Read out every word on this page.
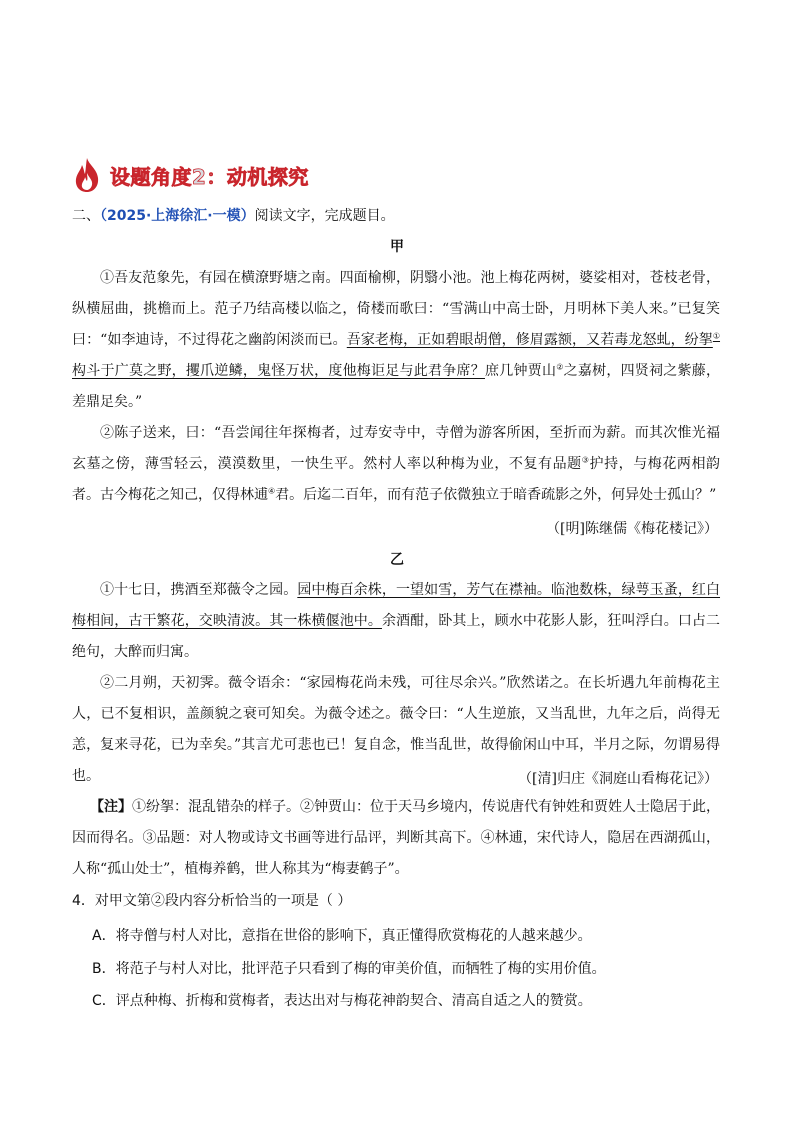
设题角度2：动机探究
二、（2025·上海徐汇·一模）阅读文字，完成题目。
甲
①吾友范象先，有园在横潦野塘之南。四面榆柳，阴翳小池。池上梅花两树，婆娑相对，苍枝老骨，纵横屈曲，挑檐而上。范子乃结高楼以临之，倚楼而歌曰：“雪满山中高士卧，月明林下美人来。”已复笑曰：“如李迪诗，不过得花之幽韵闲淡而已。吾家老梅，正如碧眼胡僧，修眉露额，又若毒龙怒虬，纷挐①构斗于广莫之野，攫爪逆鳞，鬼怪万状，度他梅讵足与此君争席？庶几钟贾山②之嘉树，四贤祠之紫藤，差鼎足矣。”
②陈子送来，曰：“吾尝闻往年探梅者，过寿安寺中，寺僧为游客所困，至折而为薪。而其次惟光福玄墓之傍，薄雪轻云，漠漠数里，一快生平。然村人率以种梅为业，不复有品题③护持，与梅花两相韵者。古今梅花之知己，仅得林逋④君。后迄二百年，而有范子依微独立于暗香疏影之外，何异处士孤山？”
（[明]陈继儒《梅花楼记》）
乙
①十七日，携酒至郑薇令之园。园中梅百余株，一望如雪，芳气在襟袖。临池数株，绿萼玉蚤，红白梅相间，古干繁花，交映清波。其一株横偃池中。余酒酣，卧其上，顾水中花影人影，狂叫浮白。口占二绝句，大醉而归寓。
②二月朔，天初霁。薇令语余：“家园梅花尚未残，可往尽余兴。”欣然诺之。在长圻遇九年前梅花主人，已不复相识，盖颜貌之衰可知矣。为薇令述之。薇令曰：“人生逆旅，又当乱世，九年之后，尚得无恙，复来寻花，已为幸矣。”其言尤可悲也已！复自念，惟当乱世，故得偷闲山中耳，半月之际，勿谓易得也。	（[清]归庄《洞庭山看梅花记》）
【注】①纷挐：混乱错杂的样子。②钟贾山：位于天马乡境内，传说唐代有钟姓和贾姓人士隐居于此，因而得名。③品题：对人物或诗文书画等进行品评，判断其高下。④林逋，宋代诗人，隐居在西湖孤山，人称“孤山处士”，植梅养鹤，世人称其为“梅妻鹤子”。
4．对甲文第②段内容分析恰当的一项是（ ）
A．将寺僧与村人对比，意指在世俗的影响下，真正懂得欣赏梅花的人越来越少。
B．将范子与村人对比，批评范子只看到了梅的审美价值，而牺牲了梅的实用价值。
C．评点种梅、折梅和赏梅者，表达出对与梅花神韵契合、清高自适之人的赞赏。
